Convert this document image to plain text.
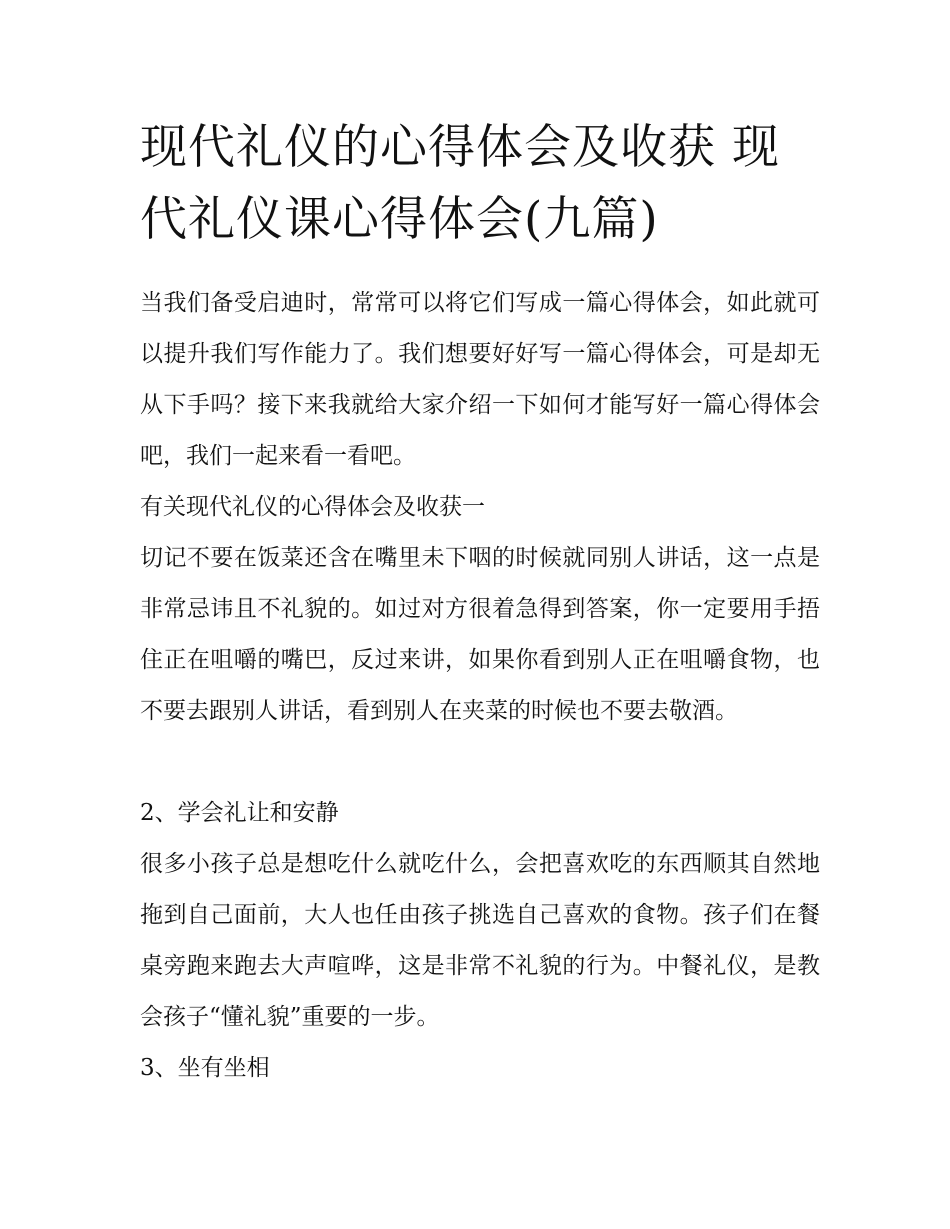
现代礼仪的心得体会及收获 现代礼仪课心得体会(九篇)

当我们备受启迪时，常常可以将它们写成一篇心得体会，如此就可以提升我们写作能力了。我们想要好好写一篇心得体会，可是却无从下手吗？接下来我就给大家介绍一下如何才能写好一篇心得体会吧，我们一起来看一看吧。

有关现代礼仪的心得体会及收获一

切记不要在饭菜还含在嘴里未下咽的时候就同别人讲话，这一点是非常忌讳且不礼貌的。如过对方很着急得到答案，你一定要用手捂住正在咀嚼的嘴巴，反过来讲，如果你看到别人正在咀嚼食物，也不要去跟别人讲话，看到别人在夹菜的时候也不要去敬酒。

2、学会礼让和安静

很多小孩子总是想吃什么就吃什么，会把喜欢吃的东西顺其自然地拖到自己面前，大人也任由孩子挑选自己喜欢的食物。孩子们在餐桌旁跑来跑去大声喧哗，这是非常不礼貌的行为。中餐礼仪，是教会孩子“懂礼貌”重要的一步。

3、坐有坐相
